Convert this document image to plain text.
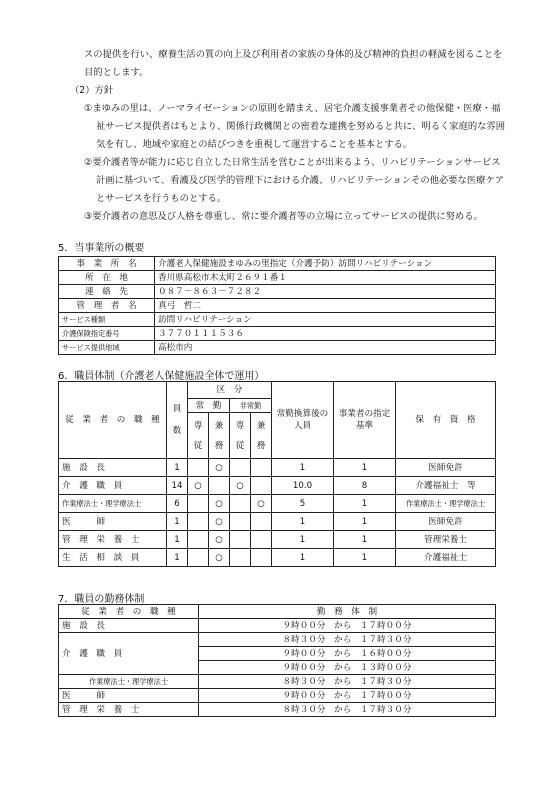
スの提供を行い、療養生活の質の向上及び利用者の家族の身体的及び精神的負担の軽減を図ることを
目的とします。
（2）方針
①まゆみの里は、ノーマライゼーションの原則を踏まえ、居宅介護支援事業者その他保健・医療・福
祉サービス提供者はもとより、関係行政機関との密着な連携を努めると共に、明るく家庭的な雰囲
気を有し、地域や家庭との結びつきを重視して運営することを基本とする。
②要介護者等が能力に応じ自立した日常生活を営むことが出来るよう、リハビリテーションサービス
計画に基づいて、看護及び医学的管理下における介護、リハビリテーションその他必要な医療ケア
とサービスを行うものとする。
③要介護者の意思及び人格を尊重し、常に要介護者等の立場に立ってサービスの提供に努める。
5．当事業所の概要
事　業　所　名	介護老人保健施設まゆみの里指定（介護予防）訪問リハビリテーション
所　在　地	香川県高松市木太町２６９１番１
連　絡　先	０８７－８６３－７２８２
管　理　者　名	真弓　哲二
サービス種類	訪問リハビリテーション
介護保険指定番号	３７７０１１１５３６
サービス提供地域	高松市内
6．職員体制（介護老人保健施設全体で運用）
従　業　者　の　職　種	員数	区　分				常勤換算後の人員	事業者の指定基準	保　有　資　格
		常　勤		非常勤				

		専従	兼務	専従	兼務			

施　設　長	1		○			1	1	医師免許
介　護　職　員	14	○		○		10.0	8	介護福祉士　等
作業療法士・理学療法士	6		○		○	5	1	作業療法士・理学療法士
医　　　師	1		○			1	1	医師免許
管　理　栄　養　士	1		○			1	1	管理栄養士
生　活　相　談　員	1		○			1	1	介護福祉士
7．職員の勤務体制
従　業　者　の　職　種	勤　務　体　制
施　設　長	９時００分　から　１７時００分
介　護　職　員	８時３０分　から　１７時３０分
	９時００分　から　１６時００分
	９時００分　から　１３時００分
作業療法士・理学療法士	８時３０分　から　１７時３０分
医　　　師	９時００分　から　１７時００分
管　理　栄　養　士	８時３０分　から　１７時３０分
